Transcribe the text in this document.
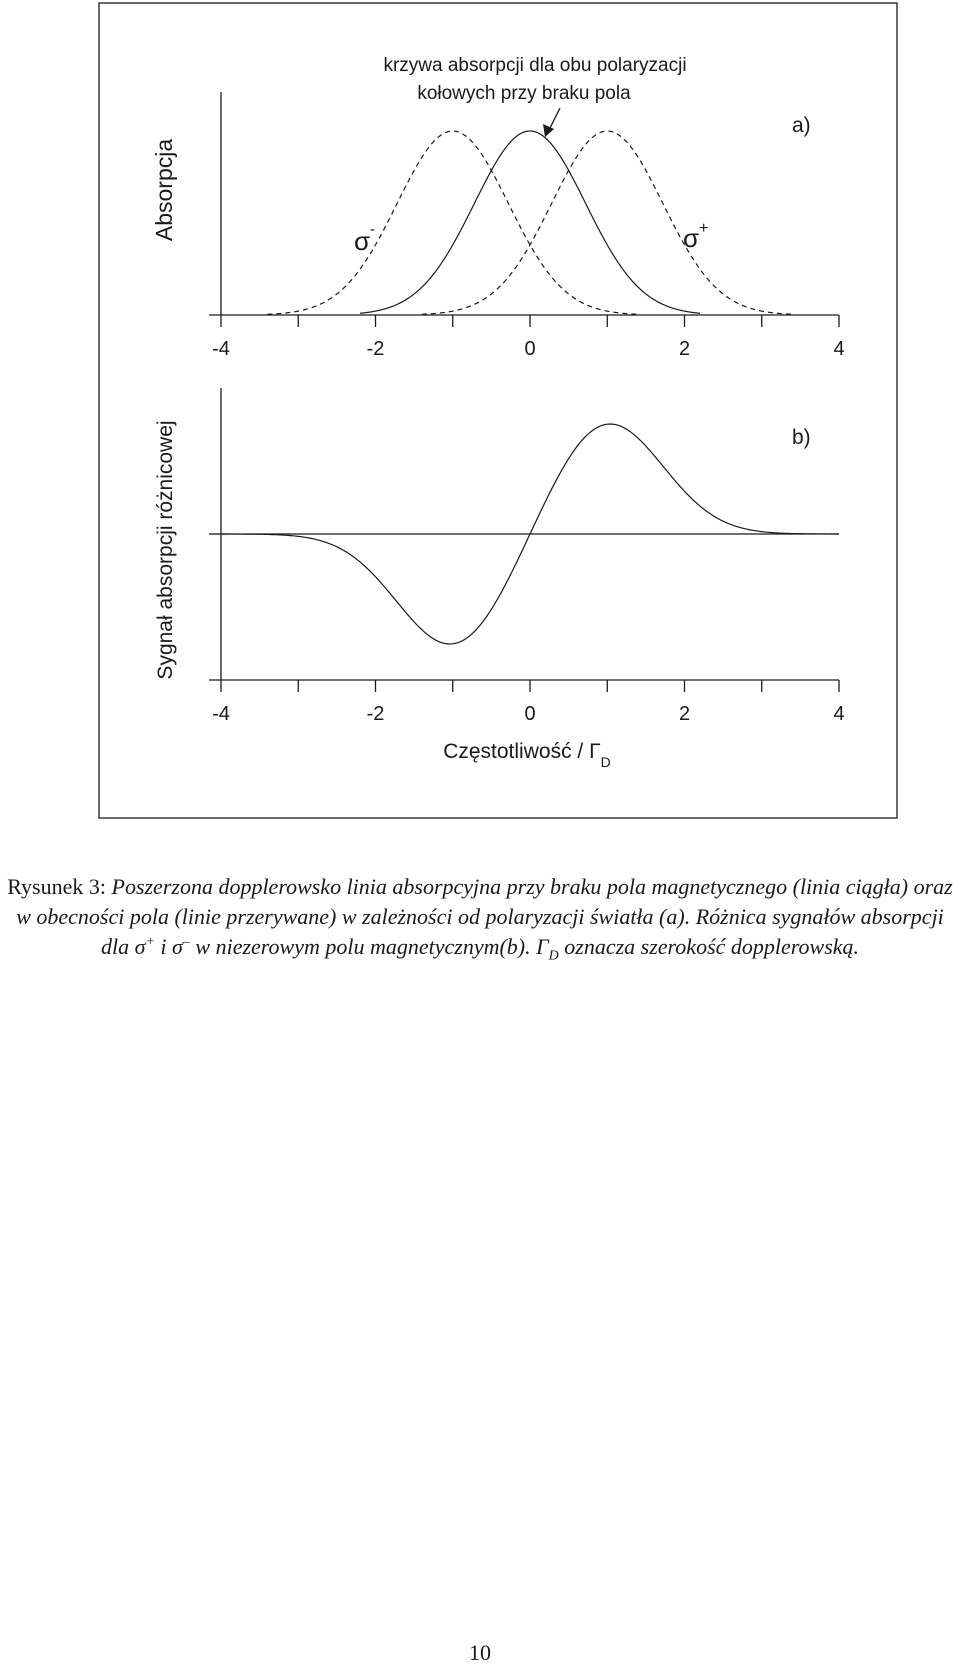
-4	-2	0	2	4
Absorpcja
krzywa absorpcji dla obu polaryzacji
kołowych przy braku pola
σ-	σ+
a)
-4	-2	0	2	4
Sygnał absorpcji różnicowej	b)
Częstotliwość / $\Gamma_D$
Rysunek 3: Poszerzona dopplerowsko linia absorpcyjna przy braku pola magnetycznego (linia ciągła) oraz w obecności pola (linie przerywane) w zależności od polaryzacji światła (a). Różnica sygnałów absorpcji dla σ+ i σ– w niezerowym polu magnetycznym(b). $\Gamma_D$ oznacza szerokość dopplerowską.
10
